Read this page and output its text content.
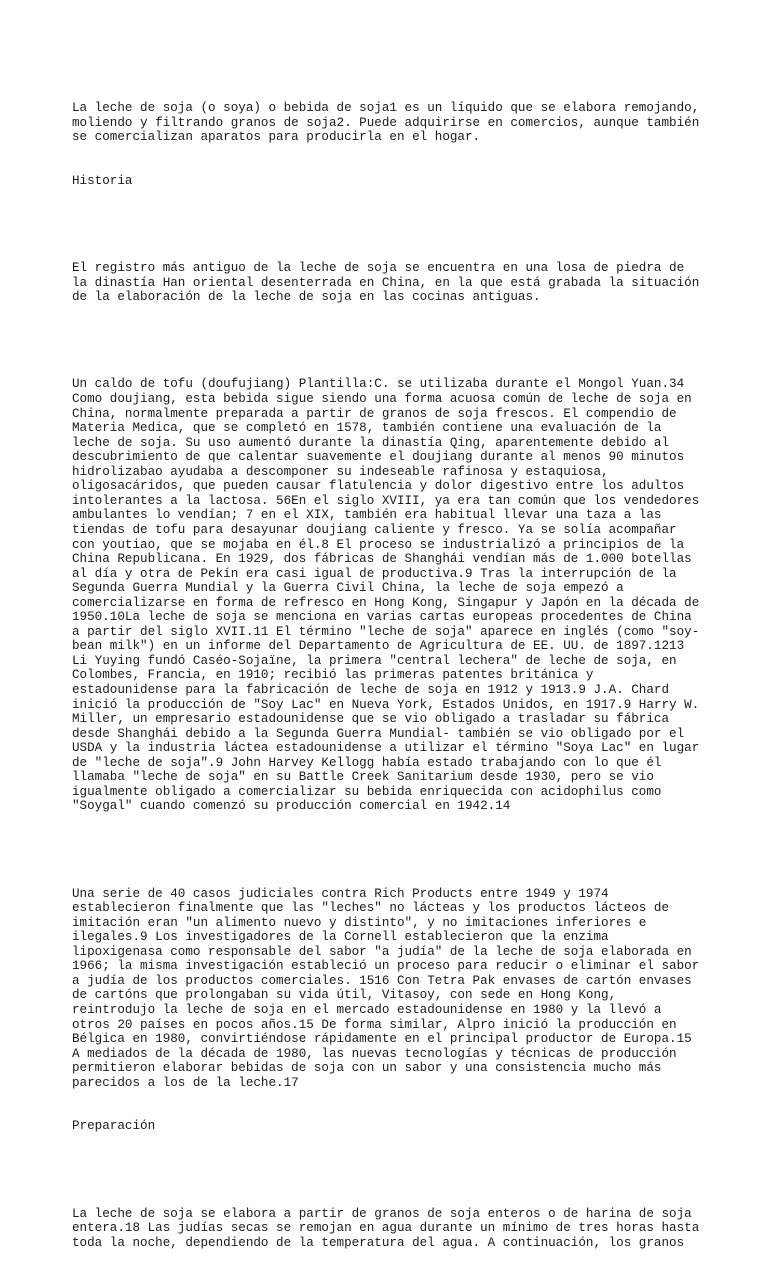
La leche de soja (o soya) o bebida de soja1 es un líquido que se elabora remojando,
moliendo y filtrando granos de soja2. Puede adquirirse en comercios, aunque también
se comercializan aparatos para producirla en el hogar.

Historia

El registro más antiguo de la leche de soja se encuentra en una losa de piedra de
la dinastía Han oriental desenterrada en China, en la que está grabada la situación
de la elaboración de la leche de soja en las cocinas antiguas.

Un caldo de tofu (doufujiang) Plantilla:C. se utilizaba durante el Mongol Yuan.34
Como doujiang, esta bebida sigue siendo una forma acuosa común de leche de soja en
China, normalmente preparada a partir de granos de soja frescos. El compendio de
Materia Medica, que se completó en 1578, también contiene una evaluación de la
leche de soja. Su uso aumentó durante la dinastía Qing, aparentemente debido al
descubrimiento de que calentar suavemente el doujiang durante al menos 90 minutos
hidrolizabao ayudaba a descomponer su indeseable rafinosa y estaquiosa,
oligosacáridos, que pueden causar flatulencia y dolor digestivo entre los adultos
intolerantes a la lactosa. 56En el siglo XVIII, ya era tan común que los vendedores
ambulantes lo vendían; 7 en el XIX, también era habitual llevar una taza a las
tiendas de tofu para desayunar doujiang caliente y fresco. Ya se solía acompañar
con youtiao, que se mojaba en él.8 El proceso se industrializó a principios de la
China Republicana. En 1929, dos fábricas de Shanghái vendían más de 1.000 botellas
al día y otra de Pekín era casi igual de productiva.9 Tras la interrupción de la
Segunda Guerra Mundial y la Guerra Civil China, la leche de soja empezó a
comercializarse en forma de refresco en Hong Kong, Singapur y Japón en la década de
1950.10La leche de soja se menciona en varias cartas europeas procedentes de China
a partir del siglo XVII.11 El término "leche de soja" aparece en inglés (como "soy-
bean milk") en un informe del Departamento de Agricultura de EE. UU. de 1897.1213
Li Yuying fundó Caséo-Sojaïne, la primera "central lechera" de leche de soja, en
Colombes, Francia, en 1910; recibió las primeras patentes británica y
estadounidense para la fabricación de leche de soja en 1912 y 1913.9 J.A. Chard
inició la producción de "Soy Lac" en Nueva York, Estados Unidos, en 1917.9 Harry W.
Miller, un empresario estadounidense que se vio obligado a trasladar su fábrica
desde Shanghái debido a la Segunda Guerra Mundial- también se vio obligado por el
USDA y la industria láctea estadounidense a utilizar el término "Soya Lac" en lugar
de "leche de soja".9 John Harvey Kellogg había estado trabajando con lo que él
llamaba "leche de soja" en su Battle Creek Sanitarium desde 1930, pero se vio
igualmente obligado a comercializar su bebida enriquecida con acidophilus como
"Soygal" cuando comenzó su producción comercial en 1942.14

Una serie de 40 casos judiciales contra Rich Products entre 1949 y 1974
establecieron finalmente que las "leches" no lácteas y los productos lácteos de
imitación eran "un alimento nuevo y distinto", y no imitaciones inferiores e
ilegales.9 Los investigadores de la Cornell establecieron que la enzima
lipoxigenasa como responsable del sabor "a judía" de la leche de soja elaborada en
1966; la misma investigación estableció un proceso para reducir o eliminar el sabor
a judía de los productos comerciales. 1516 Con Tetra Pak envases de cartón envases
de cartóns que prolongaban su vida útil, Vitasoy, con sede en Hong Kong,
reintrodujo la leche de soja en el mercado estadounidense en 1980 y la llevó a
otros 20 países en pocos años.15 De forma similar, Alpro inició la producción en
Bélgica en 1980, convirtiéndose rápidamente en el principal productor de Europa.15
A mediados de la década de 1980, las nuevas tecnologías y técnicas de producción
permitieron elaborar bebidas de soja con un sabor y una consistencia mucho más
parecidos a los de la leche.17

Preparación

La leche de soja se elabora a partir de granos de soja enteros o de harina de soja
entera.18 Las judías secas se remojan en agua durante un mínimo de tres horas hasta
toda la noche, dependiendo de la temperatura del agua. A continuación, los granos
